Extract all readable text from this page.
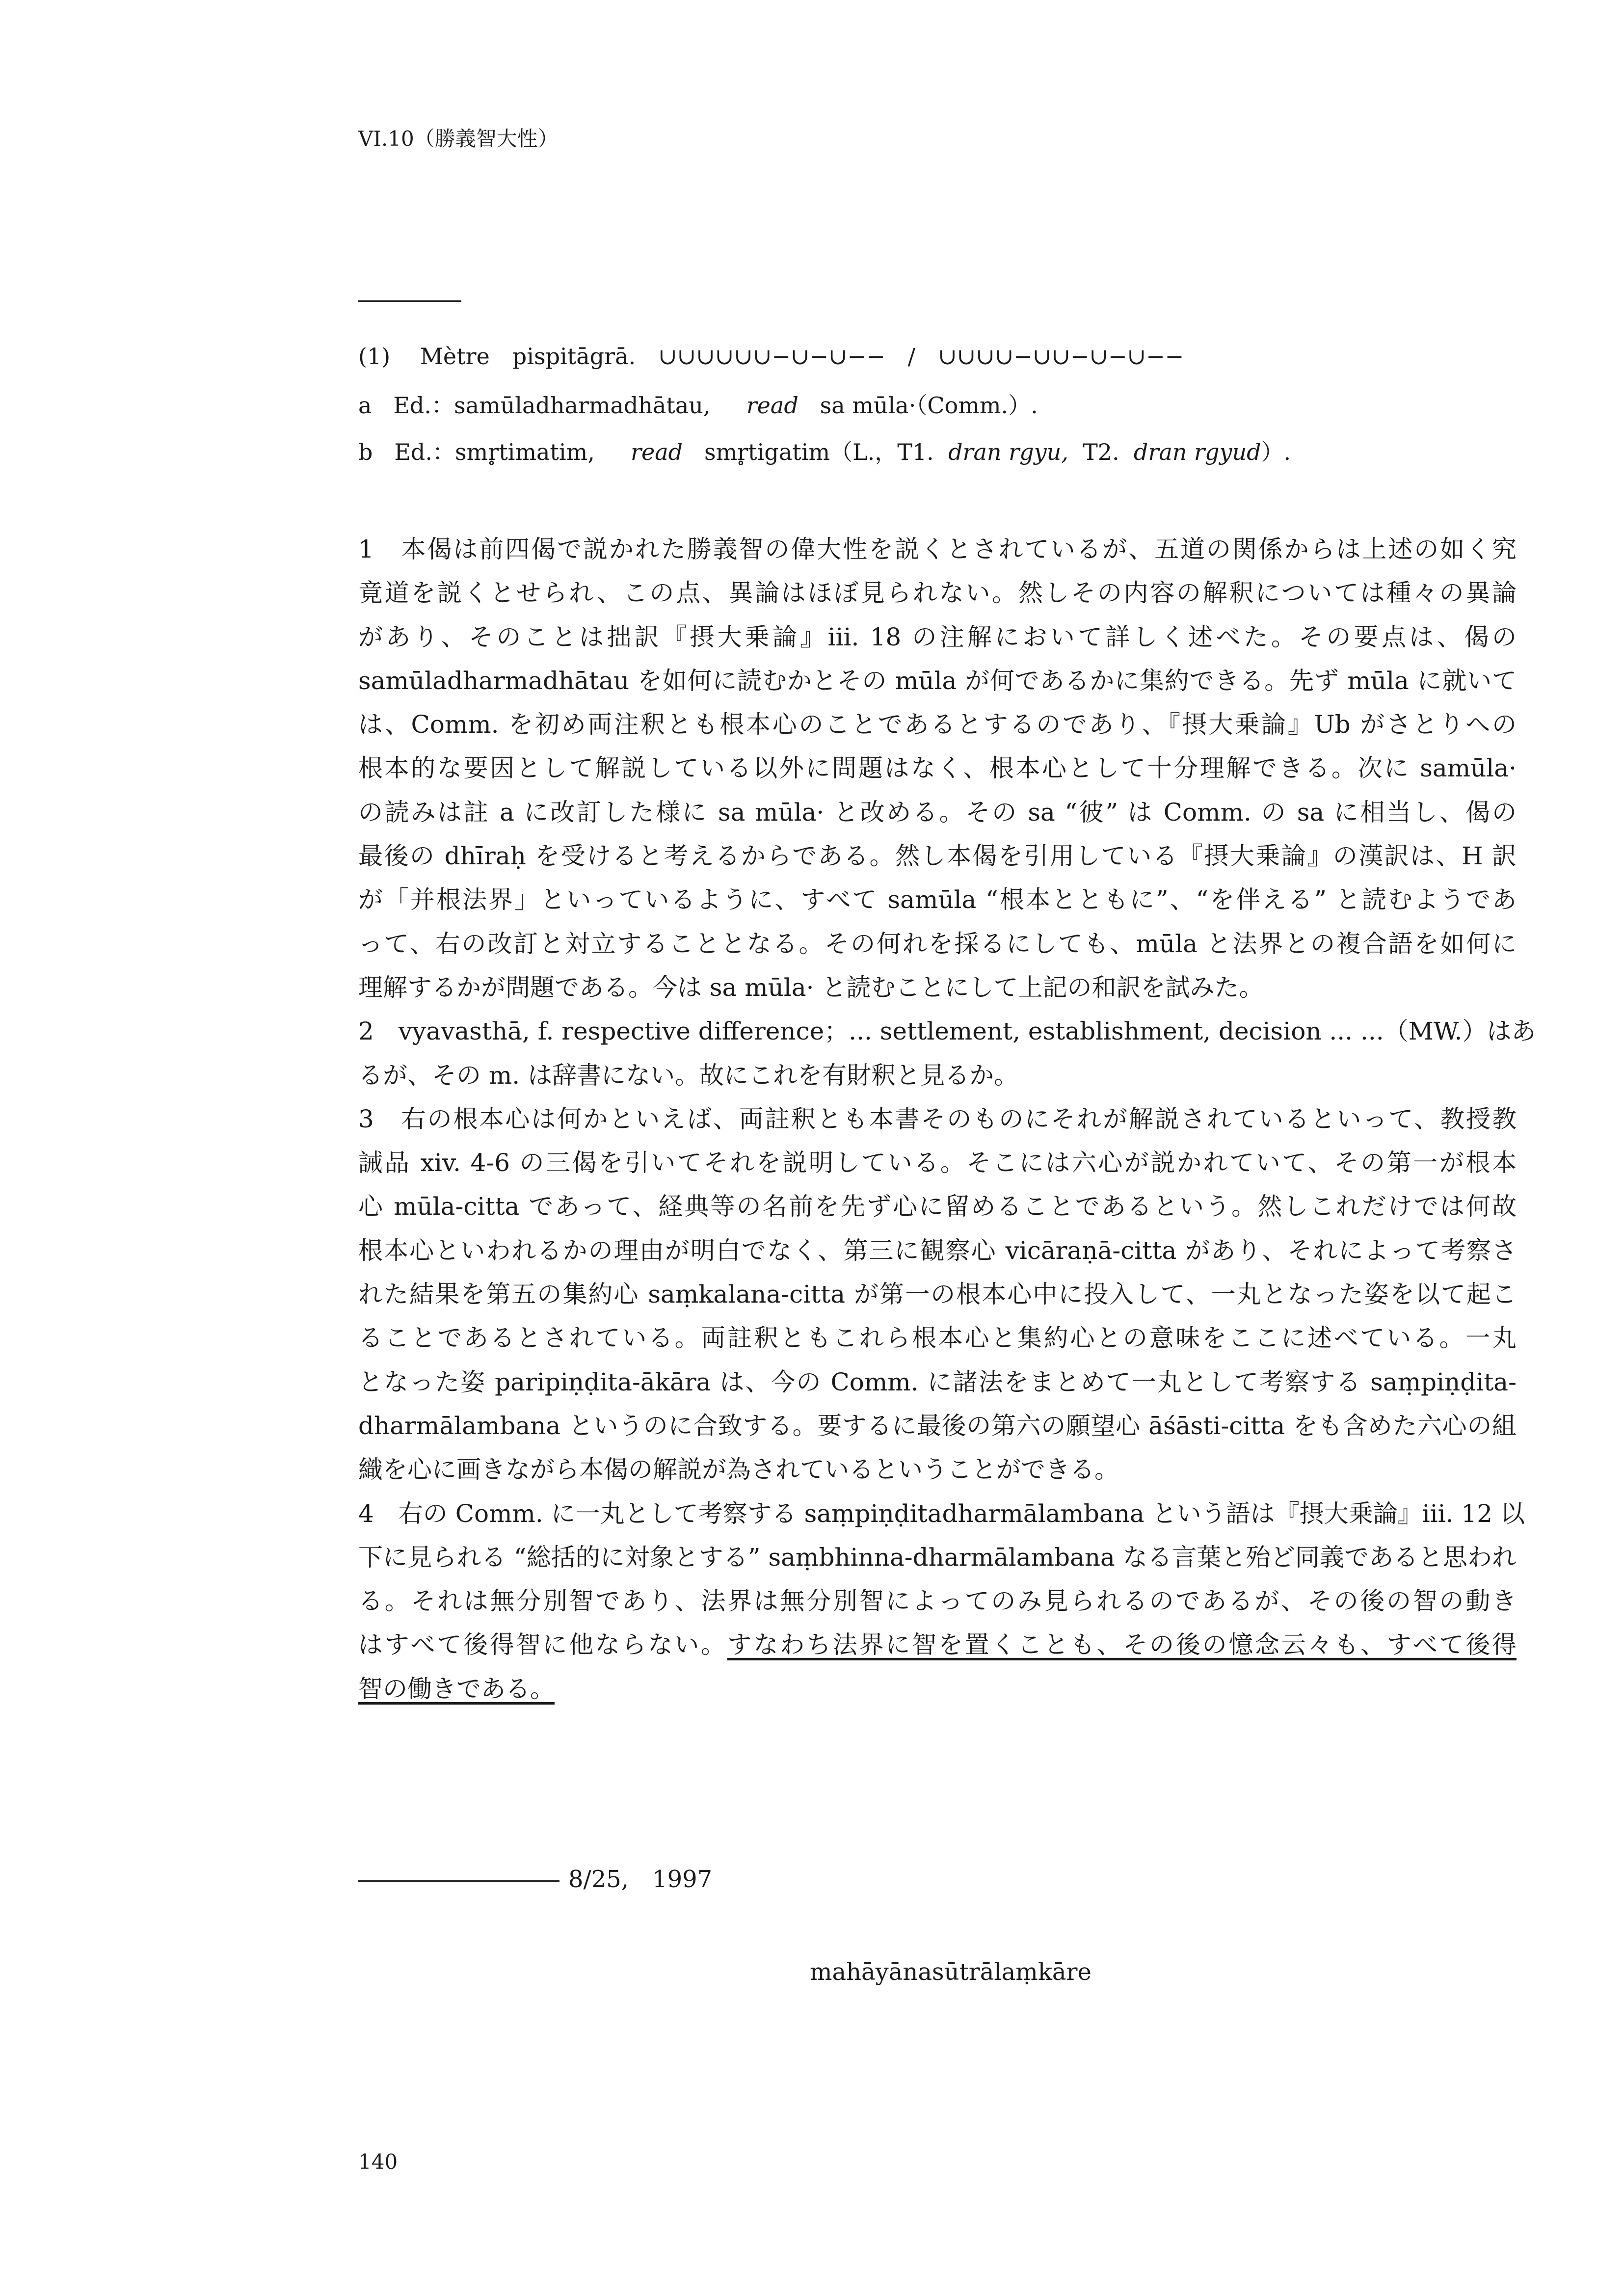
VI.10（勝義智大性）
(1)　 Mètre　pispitāgrā.　∪∪∪∪∪∪−∪−∪−−　/　∪∪∪∪−∪∪−∪−∪−−
a Ed.：samūladharmadhātau, read sa mūla·（Comm.）.
b Ed.：smr̥timatim, read smr̥tigatim（L.，T1. dran rgyu, T2. dran rgyud）.

1　本偈は前四偈で説かれた勝義智の偉大性を説くとされているが、五道の関係からは上述の如く究
竟道を説くとせられ、この点、異論はほぼ見られない。然しその内容の解釈については種々の異論
があり、そのことは拙訳『摂大乗論』iii. 18 の注解において詳しく述べた。その要点は、偈の
samūladharmadhātau を如何に読むかとその mūla が何であるかに集約できる。先ず mūla に就いて
は、Comm. を初め両注釈とも根本心のことであるとするのであり、『摂大乗論』Ub がさとりへの
根本的な要因として解説している以外に問題はなく、根本心として十分理解できる。次に samūla·
の読みは註 a に改訂した様に sa mūla· と改める。その sa “彼” は Comm. の sa に相当し、偈の
最後の dhīraḥ を受けると考えるからである。然し本偈を引用している『摂大乗論』の漢訳は、H 訳
が「并根法界」といっているように、すべて samūla “根本とともに”、“を伴える” と読むようであ
って、右の改訂と対立することとなる。その何れを採るにしても、mūla と法界との複合語を如何に
理解するかが問題である。今は sa mūla· と読むことにして上記の和訳を試みた。

2　vyavasthā, f. respective difference；... settlement, establishment, decision ... ...（MW.）はあ
るが、その m. は辞書にない。故にこれを有財釈と見るか。

3　右の根本心は何かといえば、両註釈とも本書そのものにそれが解説されているといって、教授教
誡品 xiv. 4-6 の三偈を引いてそれを説明している。そこには六心が説かれていて、その第一が根本
心 mūla-citta であって、経典等の名前を先ず心に留めることであるという。然しこれだけでは何故
根本心といわれるかの理由が明白でなく、第三に観察心 vicāraṇā-citta があり、それによって考察さ
れた結果を第五の集約心 saṃkalana-citta が第一の根本心中に投入して、一丸となった姿を以て起こ
ることであるとされている。両註釈ともこれら根本心と集約心との意味をここに述べている。一丸
となった姿 paripiṇḍita-ākāra は、今の Comm. に諸法をまとめて一丸として考察する saṃpiṇḍita-
dharmālambana というのに合致する。要するに最後の第六の願望心 āśāsti-citta をも含めた六心の組
織を心に画きながら本偈の解説が為されているということができる。

4　右の Comm. に一丸として考察する saṃpiṇḍitadharmālambana という語は『摂大乗論』iii. 12 以
下に見られる “総括的に対象とする” saṃbhinna-dharmālambana なる言葉と殆ど同義であると思われ
る。それは無分別智であり、法界は無分別智によってのみ見られるのであるが、その後の智の動き
はすべて後得智に他ならない。すなわち法界に智を置くことも、その後の憶念云々も、すべて後得
智の働きである。

8/25,　1997
mahāyānasūtrālaṃkāre
140
